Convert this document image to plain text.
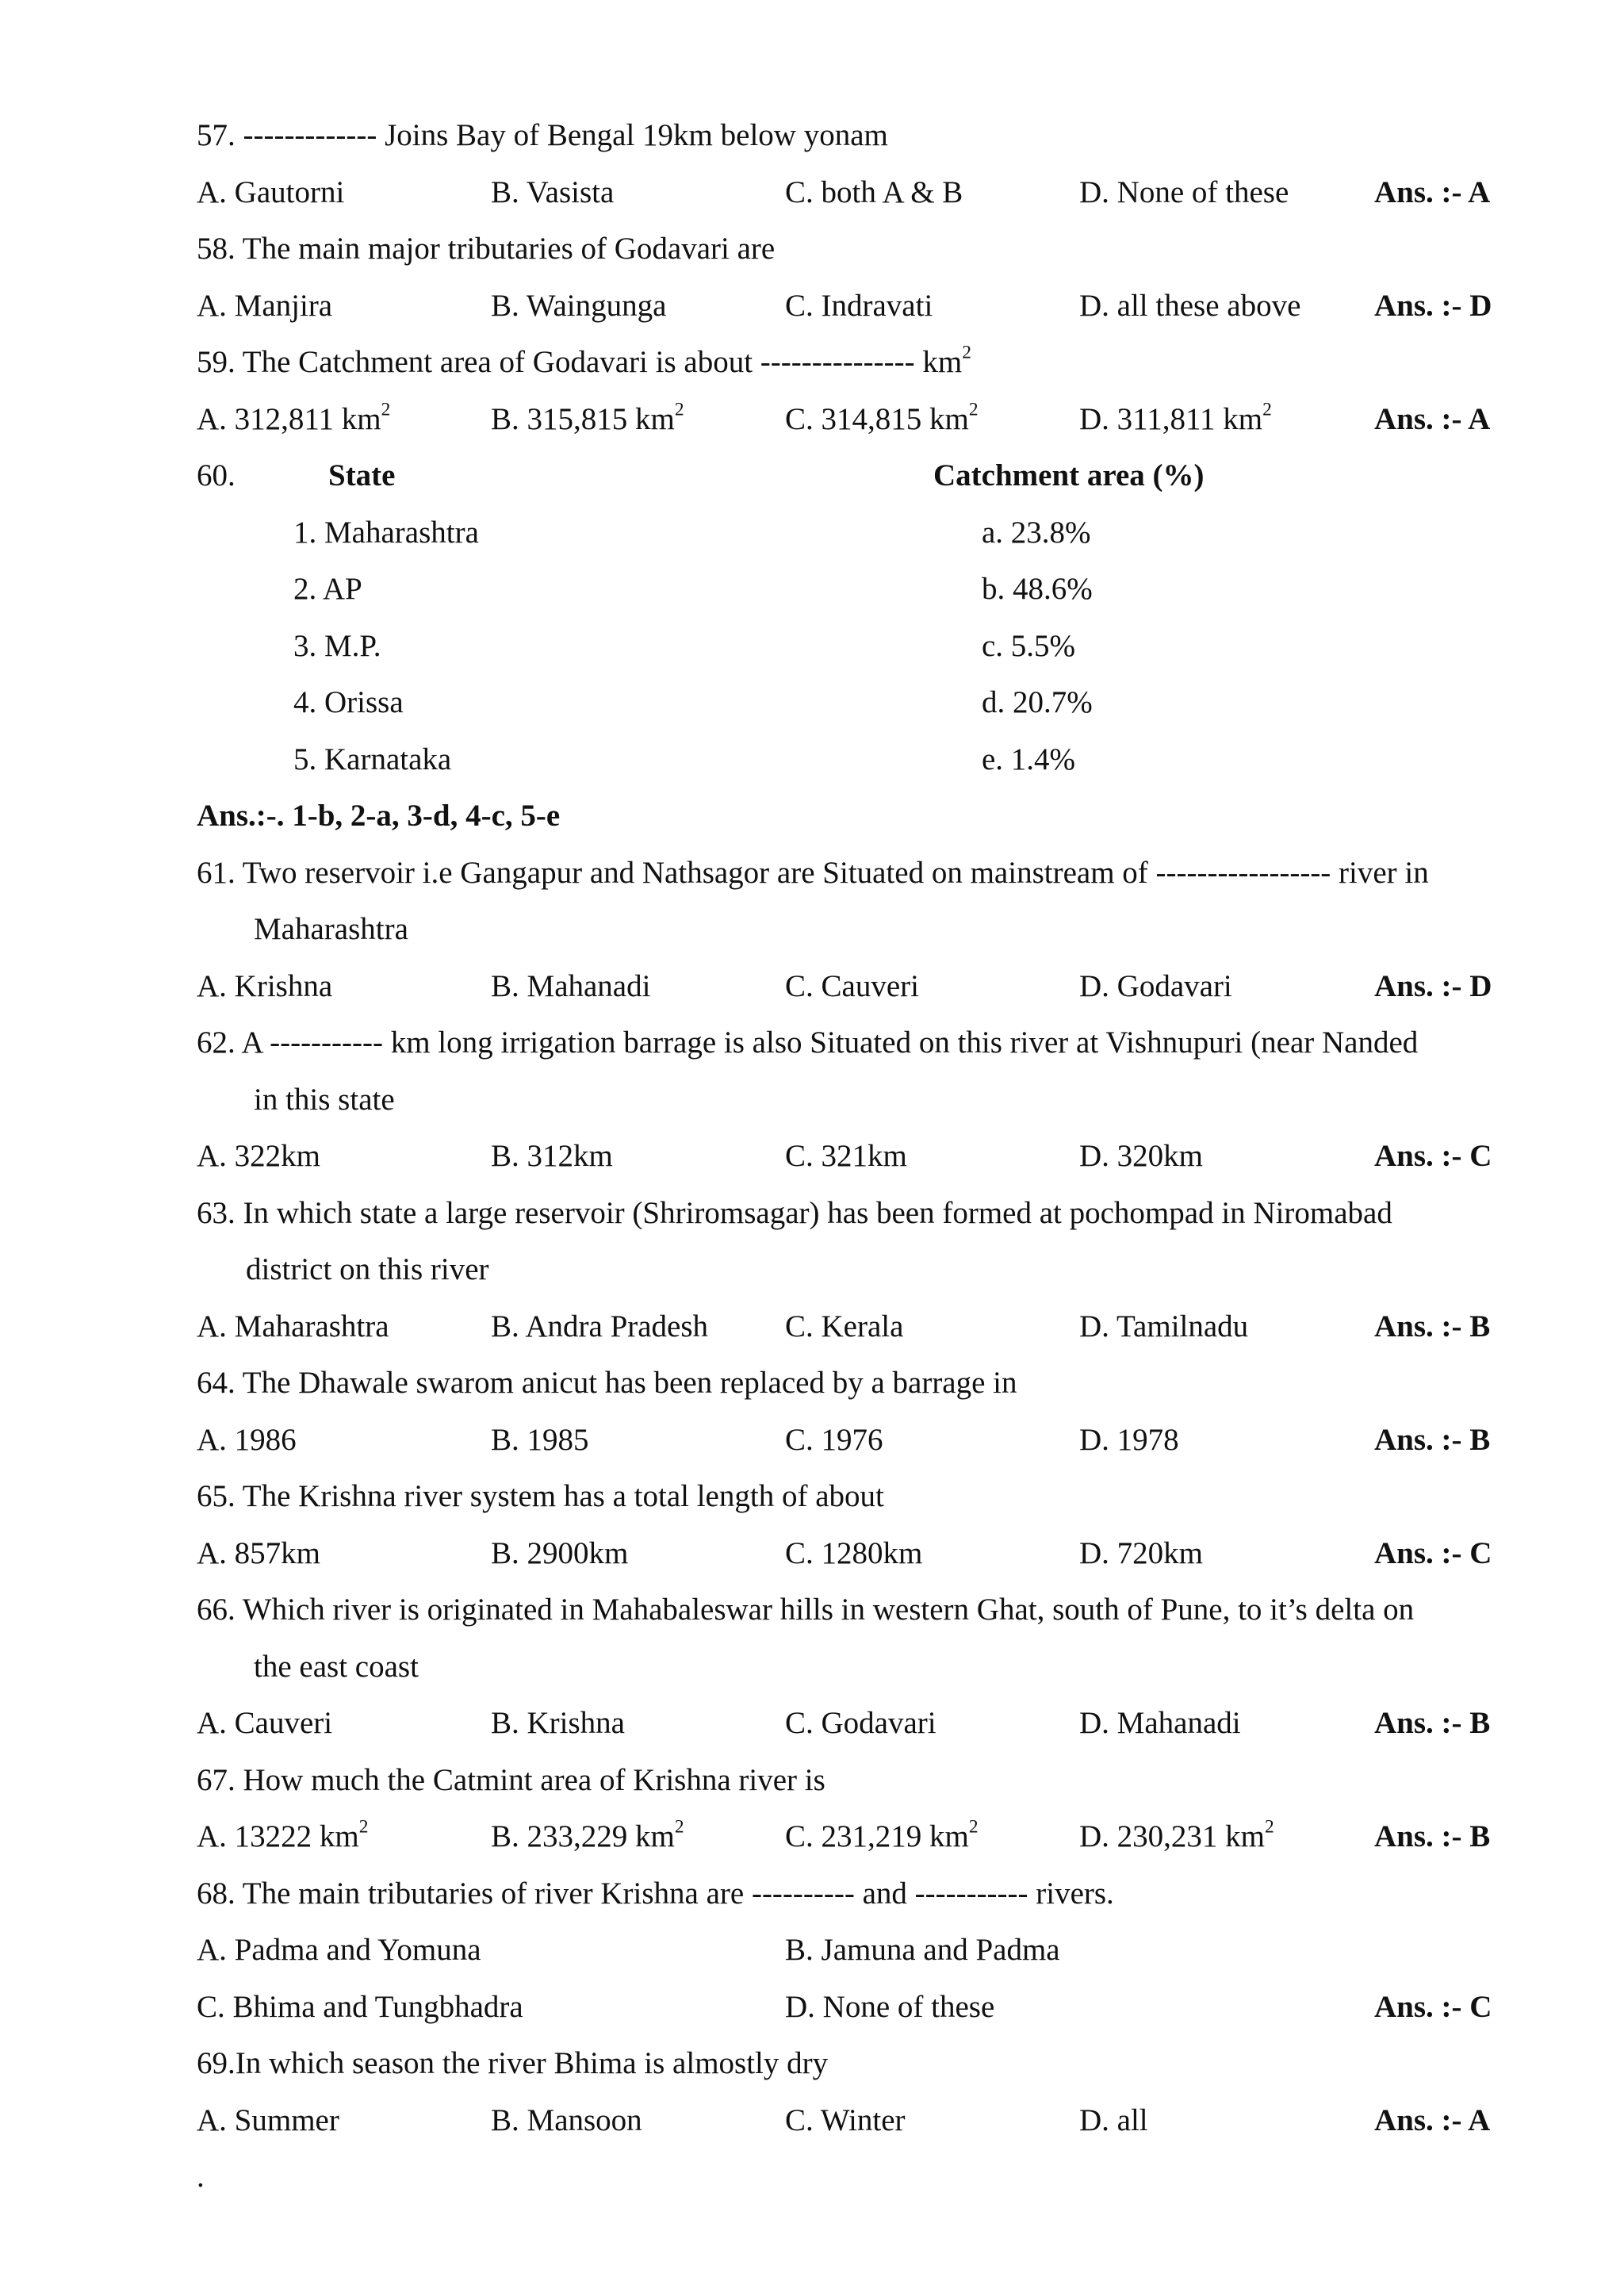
57. ------------- Joins Bay of Bengal 19km below yonam
A. Gautorni	B. Vasista	C. both A & B	D. None of these	Ans. :- A
58. The main major tributaries of Godavari are
A. Manjira	B. Waingunga	C. Indravati	D. all these above Ans. :- D
59. The Catchment area of Godavari is about --------------- $km^2$
A. 312,811 $km^2$	B. 315,815 $km^2$	C. 314,815 $km^2$	D. 311,811 $km^2$	Ans. :- A
60.	State	Catchment area (%)
1. Maharashtra	a. 23.8%
2. AP	b. 48.6%
3. M.P.	c. 5.5%
4. Orissa	d. 20.7%
5. Karnataka	e. 1.4%
Ans.:-. 1-b, 2-a, 3-d, 4-c, 5-e
61. Two reservoir i.e Gangapur and Nathsagor are Situated on mainstream of ----------------- river in
Maharashtra
A. Krishna	B. Mahanadi	C. Cauveri	D. Godavari	Ans. :- D
62. A ----------- km long irrigation barrage is also Situated on this river at Vishnupuri (near Nanded
in this state
A. 322km	B. 312km	C. 321km	D. 320km	Ans. :- C
63. In which state a large reservoir (Shriromsagar) has been formed at pochompad in Niromabad
district on this river
A. Maharashtra	B. Andra Pradesh C. Kerala	D. Tamilnadu	Ans. :- B
64. The Dhawale swarom anicut has been replaced by a barrage in
A. 1986	B. 1985	C. 1976	D. 1978	Ans. :- B
65. The Krishna river system has a total length of about
A. 857km	B. 2900km	C. 1280km	D. 720km	Ans. :- C
66. Which river is originated in Mahabaleswar hills in western Ghat, south of Pune, to it’s delta on
the east coast
A. Cauveri	B. Krishna	C. Godavari	D. Mahanadi	Ans. :- B
67. How much the Catmint area of Krishna river is
A. 13222 $km^2$	B. 233,229 $km^2$	C. 231,219 $km^2$	D. 230,231 $km^2$	Ans. :- B
68. The main tributaries of river Krishna are ---------- and ----------- rivers.
A. Padma and Yomuna	B. Jamuna and Padma
C. Bhima and Tungbhadra	D. None of these	Ans. :- C
69.In which season the river Bhima is almostly dry
A. Summer	B. Mansoon	C. Winter	D. all	Ans. :- A
.
